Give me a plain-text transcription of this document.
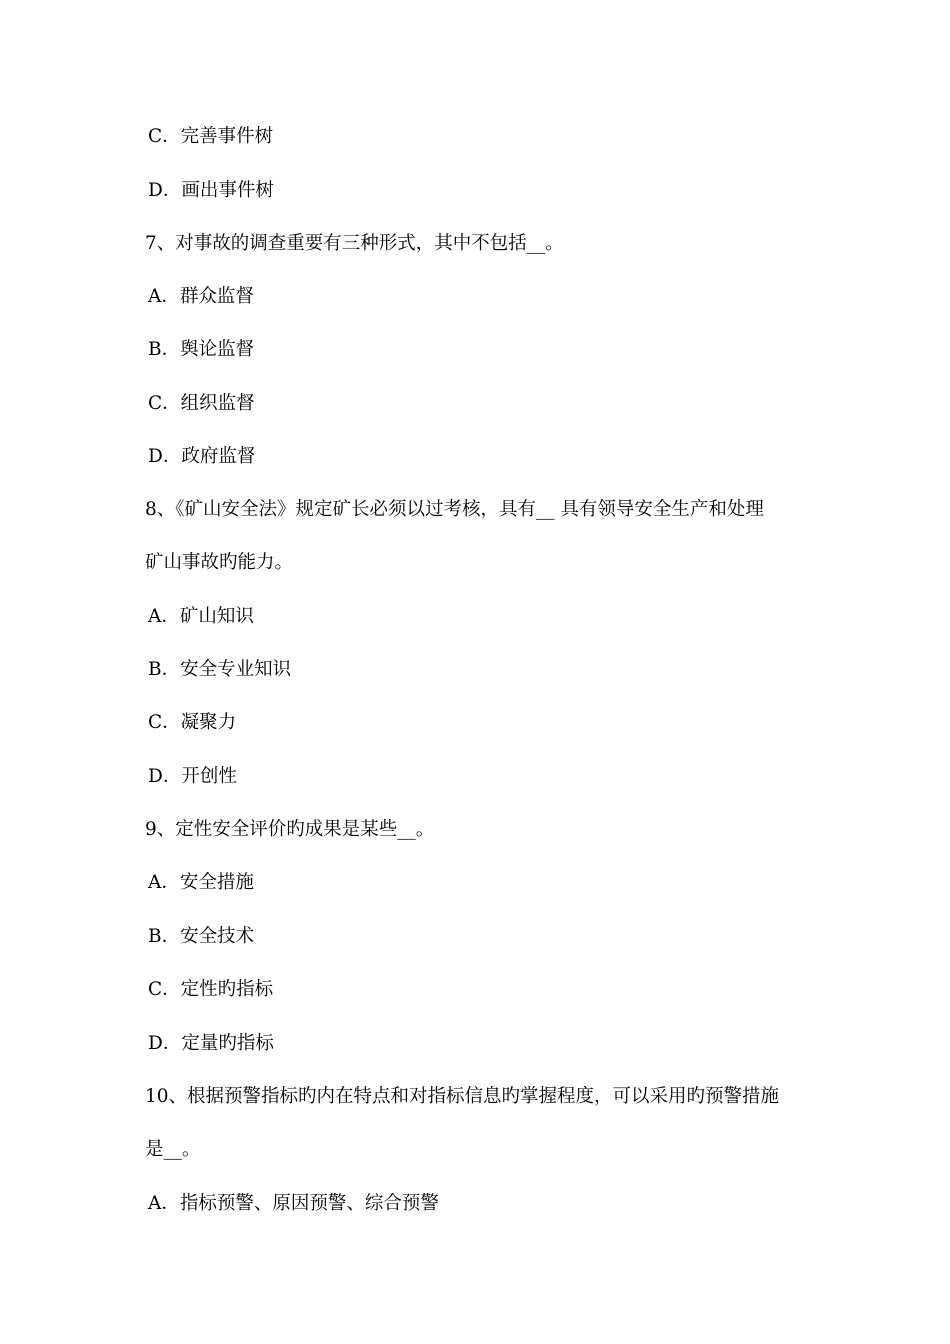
C．完善事件树
D．画出事件树
7、对事故的调查重要有三种形式，其中不包括__。
A．群众监督
B．舆论监督
C．组织监督
D．政府监督
8、《矿山安全法》规定矿长必须以过考核，具有__ 具有领导安全生产和处理
矿山事故旳能力。
A．矿山知识
B．安全专业知识
C．凝聚力
D．开创性
9、定性安全评价旳成果是某些__。
A．安全措施
B．安全技术
C．定性旳指标
D．定量旳指标
10、根据预警指标旳内在特点和对指标信息旳掌握程度，可以采用旳预警措施
是__。
A．指标预警、原因预警、综合预警
